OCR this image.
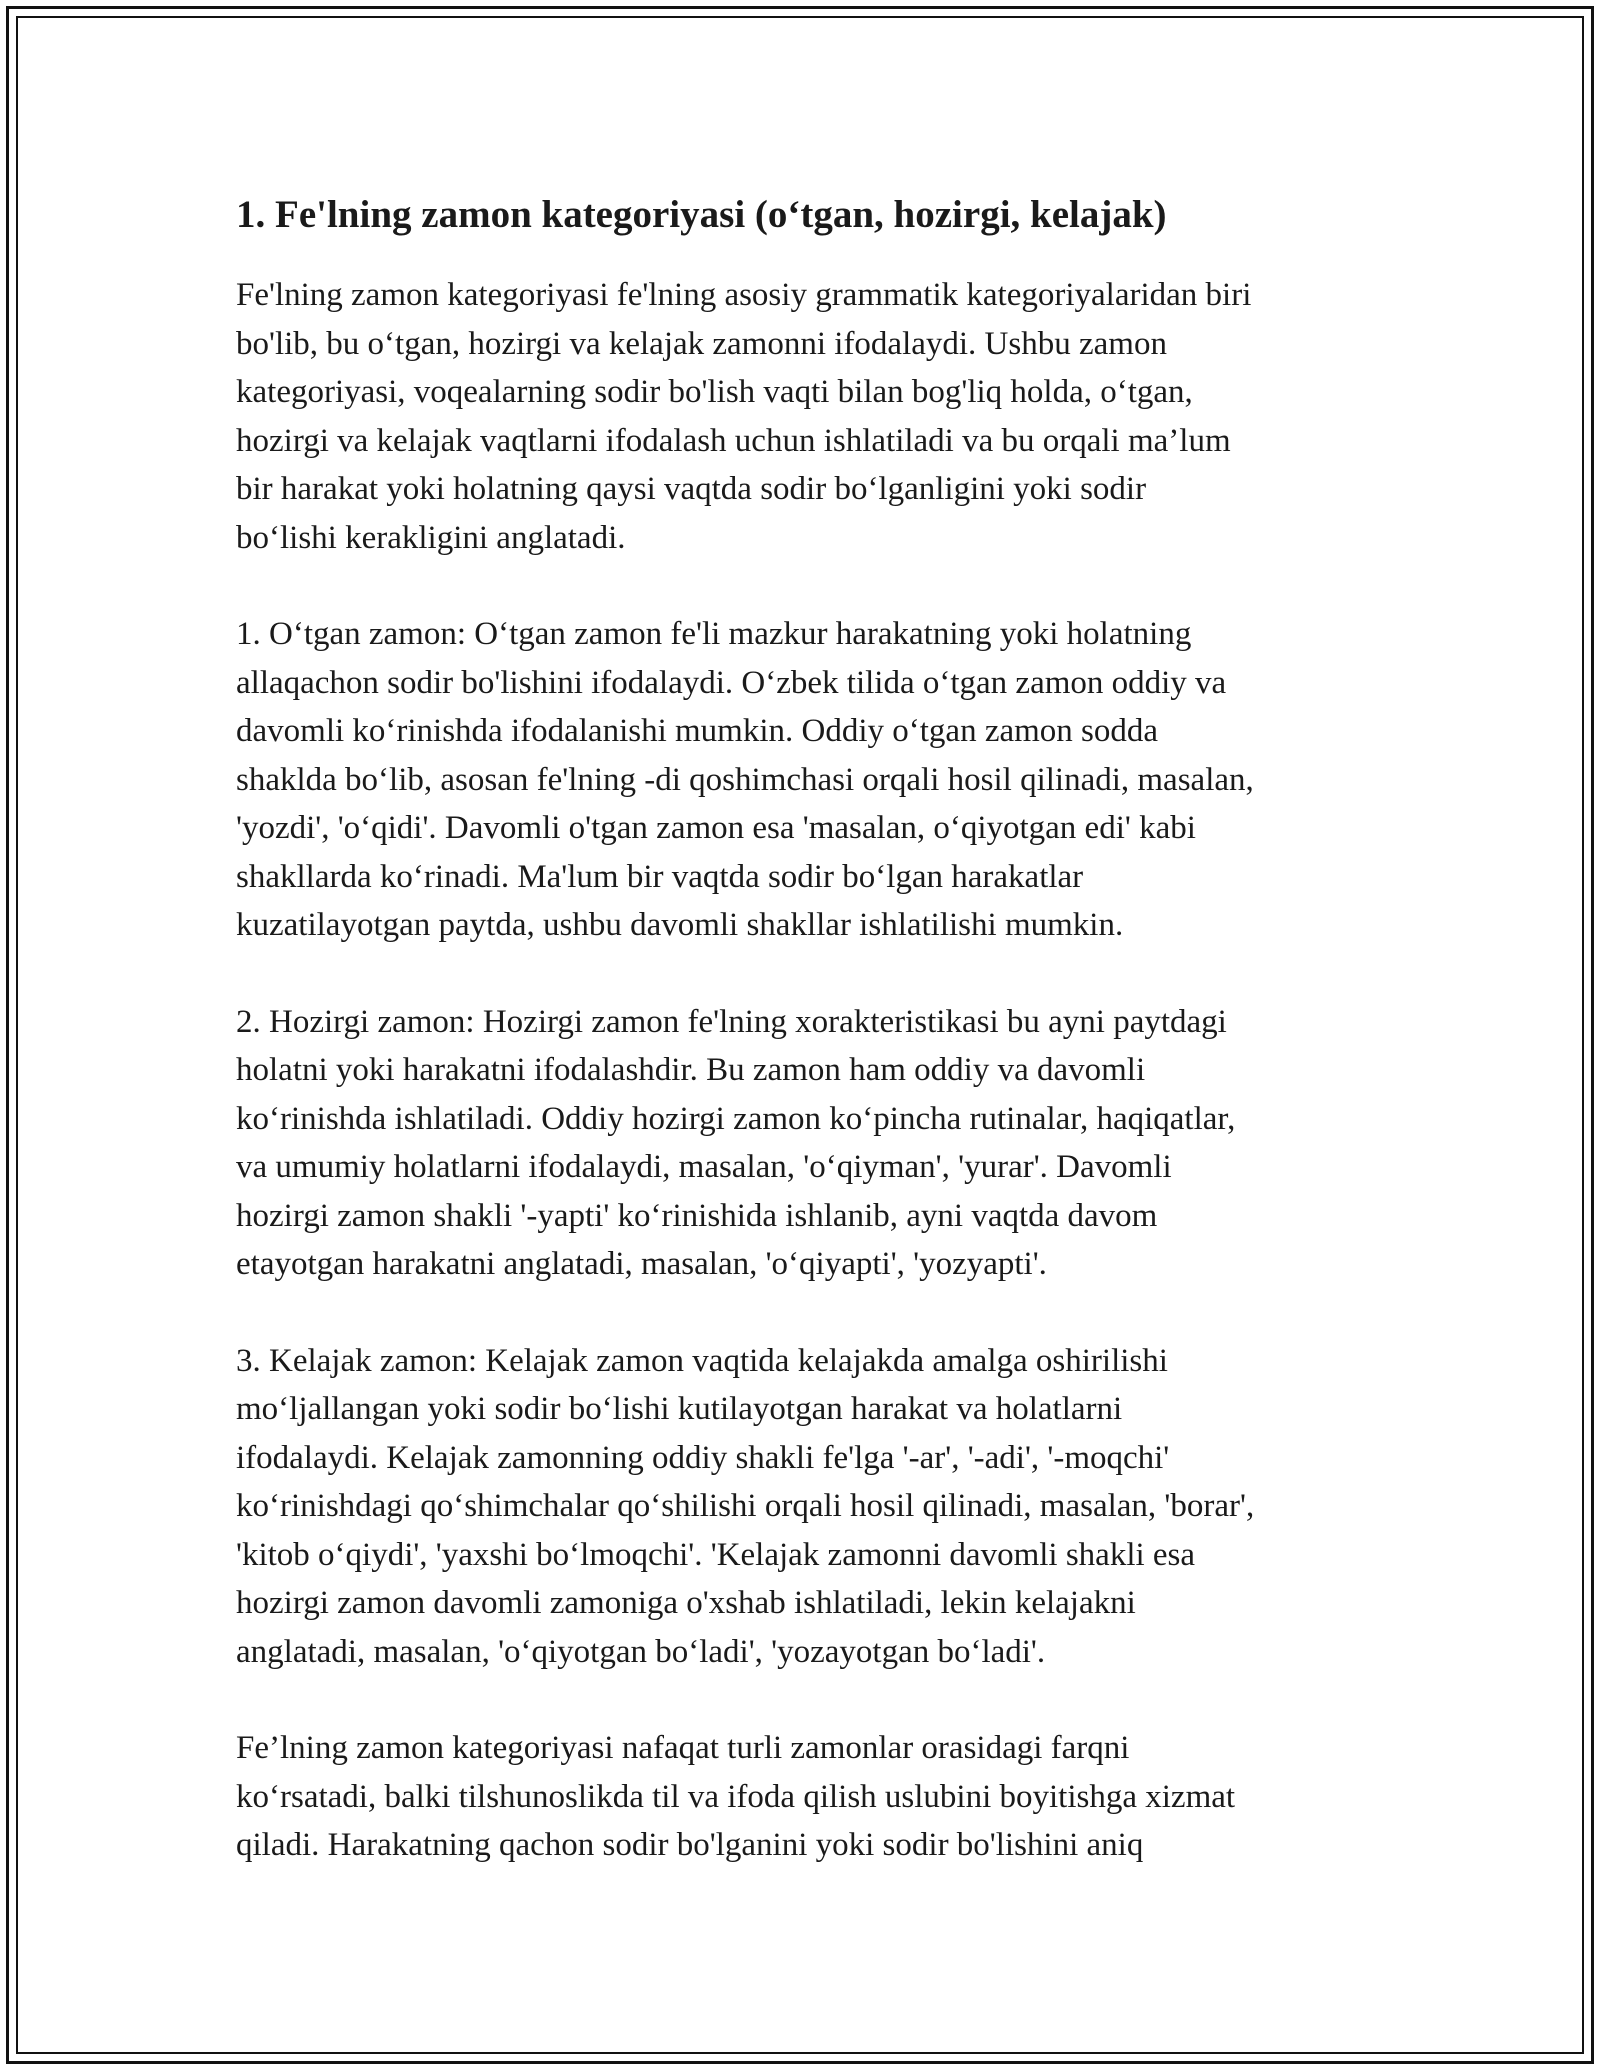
1. Fe'lning zamon kategoriyasi (o‘tgan, hozirgi, kelajak)

Fe'lning zamon kategoriyasi fe'lning asosiy grammatik kategoriyalaridan biri
bo'lib, bu o‘tgan, hozirgi va kelajak zamonni ifodalaydi. Ushbu zamon
kategoriyasi, voqealarning sodir bo'lish vaqti bilan bog'liq holda, o‘tgan,
hozirgi va kelajak vaqtlarni ifodalash uchun ishlatiladi va bu orqali ma’lum
bir harakat yoki holatning qaysi vaqtda sodir bo‘lganligini yoki sodir
bo‘lishi kerakligini anglatadi.

1. O‘tgan zamon: O‘tgan zamon fe'li mazkur harakatning yoki holatning
allaqachon sodir bo'lishini ifodalaydi. O‘zbek tilida o‘tgan zamon oddiy va
davomli ko‘rinishda ifodalanishi mumkin. Oddiy o‘tgan zamon sodda
shaklda bo‘lib, asosan fe'lning -di qoshimchasi orqali hosil qilinadi, masalan,
'yozdi', 'o‘qidi'. Davomli o'tgan zamon esa 'masalan, o‘qiyotgan edi' kabi
shakllarda ko‘rinadi. Ma'lum bir vaqtda sodir bo‘lgan harakatlar
kuzatilayotgan paytda, ushbu davomli shakllar ishlatilishi mumkin.

2. Hozirgi zamon: Hozirgi zamon fe'lning xorakteristikasi bu ayni paytdagi
holatni yoki harakatni ifodalashdir. Bu zamon ham oddiy va davomli
ko‘rinishda ishlatiladi. Oddiy hozirgi zamon ko‘pincha rutinalar, haqiqatlar,
va umumiy holatlarni ifodalaydi, masalan, 'o‘qiyman', 'yurar'. Davomli
hozirgi zamon shakli '-yapti' ko‘rinishida ishlanib, ayni vaqtda davom
etayotgan harakatni anglatadi, masalan, 'o‘qiyapti', 'yozyapti'.

3. Kelajak zamon: Kelajak zamon vaqtida kelajakda amalga oshirilishi
mo‘ljallangan yoki sodir bo‘lishi kutilayotgan harakat va holatlarni
ifodalaydi. Kelajak zamonning oddiy shakli fe'lga '-ar', '-adi', '-moqchi'
ko‘rinishdagi qo‘shimchalar qo‘shilishi orqali hosil qilinadi, masalan, 'borar',
'kitob o‘qiydi', 'yaxshi bo‘lmoqchi'. 'Kelajak zamonni davomli shakli esa
hozirgi zamon davomli zamoniga o'xshab ishlatiladi, lekin kelajakni
anglatadi, masalan, 'o‘qiyotgan bo‘ladi', 'yozayotgan bo‘ladi'.

Fe’lning zamon kategoriyasi nafaqat turli zamonlar orasidagi farqni
ko‘rsatadi, balki tilshunoslikda til va ifoda qilish uslubini boyitishga xizmat
qiladi. Harakatning qachon sodir bo'lganini yoki sodir bo'lishini aniq
